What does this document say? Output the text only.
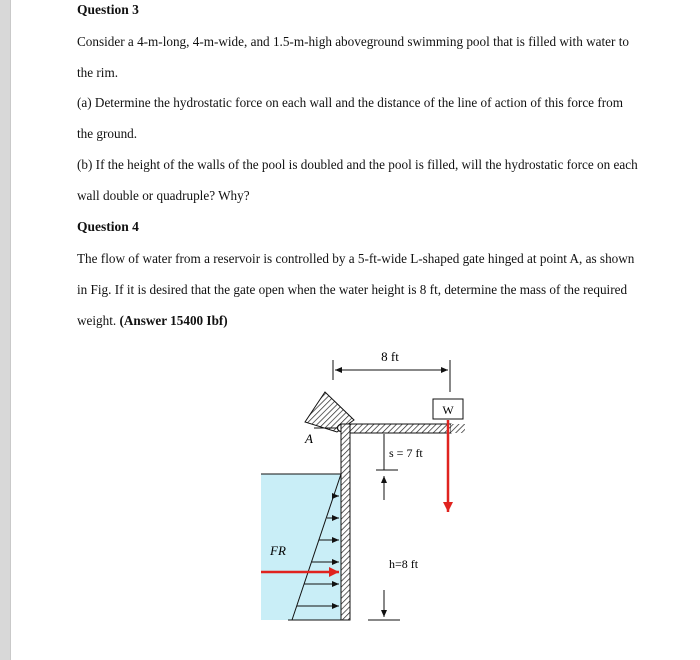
Question 3
Consider a 4-m-long, 4-m-wide, and 1.5-m-high aboveground swimming pool that is filled with water to
the rim.
(a) Determine the hydrostatic force on each wall and the distance of the line of action of this force from
the ground.
(b) If the height of the walls of the pool is doubled and the pool is filled, will the hydrostatic force on each
wall double or quadruple? Why?
Question 4
The flow of water from a reservoir is controlled by a 5-ft-wide L-shaped gate hinged at point A, as shown
in Fig. If it is desired that the gate open when the water height is 8 ft, determine the mass of the required
weight. (Answer 15400 Ibf)
A
W
8 ft
s = 7 ft
h=8 ft
FR
